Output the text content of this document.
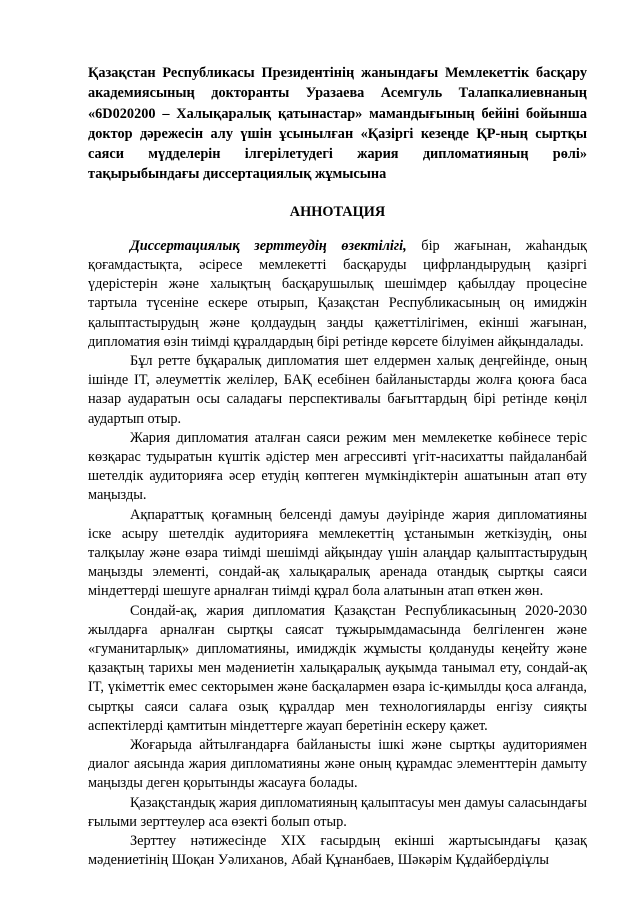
Қазақстан Республикасы Президентінің жанындағы Мемлекеттік басқару академиясының докторанты Уразаева Асемгуль Талапкалиевнаның «6D020200 – Халықаралық қатынастар» мамандығының бейіні бойынша доктор дәрежесін алу үшін ұсынылған «Қазіргі кезеңде ҚР-ның сыртқы саяси мүдделерін ілгерілетудегі жария дипломатияның рөлі» тақырыбындағы диссертациялық жұмысына

АННОТАЦИЯ

Диссертациялық зерттеудің өзектілігі, бір жағынан, жаһандық қоғамдастықта, әсіресе мемлекетті басқаруды цифрландырудың қазіргі үдерістерін және халықтың басқарушылық шешімдер қабылдау процесіне тартыла түсеніне ескере отырып, Қазақстан Республикасының оң имиджін қалыптастырудың және қолдаудың заңды қажеттілігімен, екінші жағынан, дипломатия өзін тиімді құралдардың бірі ретінде көрсете білуімен айқындалады.

Бұл ретте бұқаралық дипломатия шет елдермен халық деңгейінде, оның ішінде IT, әлеуметтік желілер, БАҚ есебінен байланыстарды жолға қоюға баса назар аударатын осы саладағы перспективалы бағыттардың бірі ретінде көңіл аудартып отыр.

Жария дипломатия аталған саяси режим мен мемлекетке көбінесе теріс көзқарас тудыратын күштік әдістер мен агрессивті үгіт-насихатты пайдаланбай шетелдік аудиторияға әсер етудің көптеген мүмкіндіктерін ашатынын атап өту маңызды.

Ақпараттық қоғамның белсенді дамуы дәуірінде жария дипломатияны іске асыру шетелдік аудиторияға мемлекеттің ұстанымын жеткізудің, оны талқылау және өзара тиімді шешімді айқындау үшін алаңдар қалыптастырудың маңызды элементі, сондай-ақ халықаралық аренада отандық сыртқы саяси міндеттерді шешуге арналған тиімді құрал бола алатынын атап өткен жөн.

Сондай-ақ, жария дипломатия Қазақстан Республикасының 2020-2030 жылдарға арналған сыртқы саясат тұжырымдамасында белгіленген және «гуманитарлық» дипломатияны, имидждік жұмысты қолдануды кеңейту және қазақтың тарихы мен мәдениетін халықаралық ауқымда танымал ету, сондай-ақ IT, үкіметтік емес секторымен және басқалармен өзара іс-қимылды қоса алғанда, сыртқы саяси салаға озық құралдар мен технологияларды енгізу сияқты аспектілерді қамтитын міндеттерге жауап беретінін ескеру қажет.

Жоғарыда айтылғандарға байланысты ішкі және сыртқы аудиториямен диалог аясында жария дипломатияны және оның құрамдас элементтерін дамыту маңызды деген қорытынды жасауға болады.

Қазақстандық жария дипломатияның қалыптасуы мен дамуы саласындағы ғылыми зерттеулер аса өзекті болып отыр.

Зерттеу нәтижесінде XIX ғасырдың екінші жартысындағы қазақ мәдениетінің Шоқан Уәлиханов, Абай Құнанбаев, Шәкәрім Құдайбердіұлы
